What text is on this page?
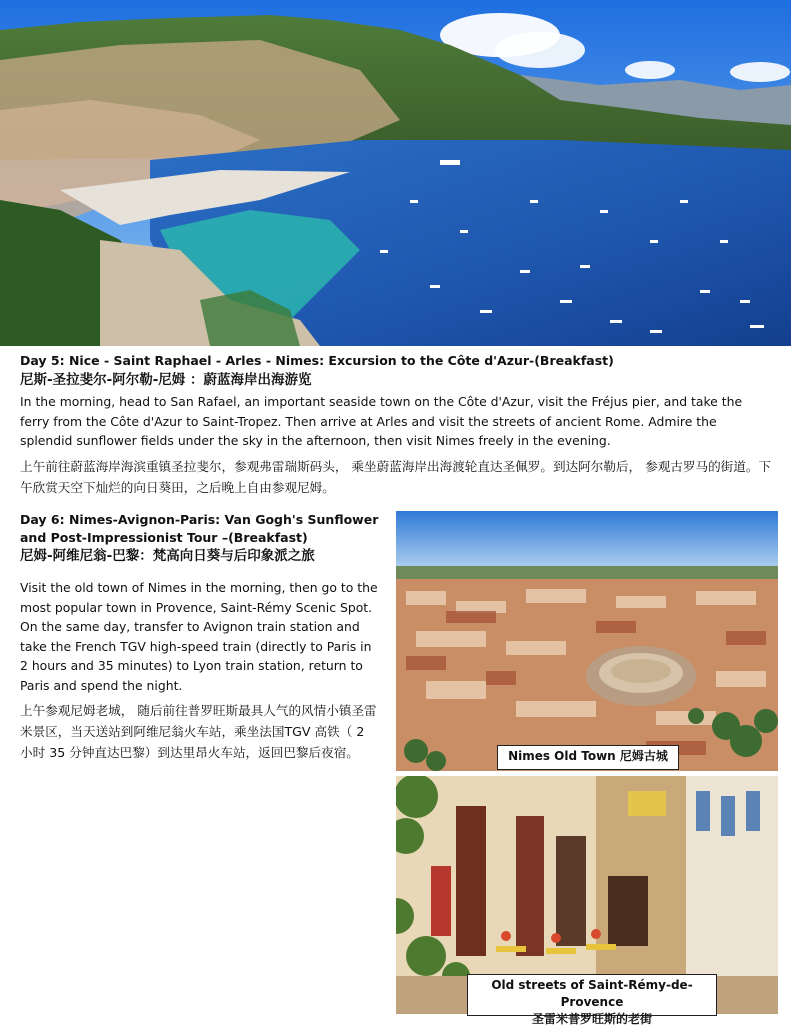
Day 5: Nice - Saint Raphael - Arles - Nimes: Excursion to the Côte d'Azur-(Breakfast)
尼斯-圣拉斐尔-阿尔勒-尼姆 ：蔚蓝海岸出海游览
In the morning, head to San Rafael, an important seaside town on the Côte d'Azur, visit the Fréjus pier, and take the ferry from the Côte d'Azur to Saint-Tropez. Then arrive at Arles and visit the streets of ancient Rome. Admire the splendid sunflower fields under the sky in the afternoon, then visit Nimes freely in the evening.
上午前往蔚蓝海岸海滨重镇圣拉斐尔，参观弗雷瑞斯码头， 乘坐蔚蓝海岸出海渡轮直达圣佩罗。到达阿尔勒后， 参观古罗马的街道。下午欣赏天空下灿烂的向日葵田，之后晚上自由参观尼姆。
Day 6: Nimes-Avignon-Paris: Van Gogh's Sunflower and Post-Impressionist Tour –(Breakfast)
尼姆-阿维尼翁-巴黎：梵高向日葵与后印象派之旅
Visit the old town of Nimes in the morning, then go to the most popular town in Provence, Saint-Rémy Scenic Spot. On the same day, transfer to Avignon train station and take the French TGV high-speed train (directly to Paris in 2 hours and 35 minutes) to Lyon train station, return to Paris and spend the night.
上午参观尼姆老城， 随后前往普罗旺斯最具人气的风情小镇圣雷米景区，当天送站到阿维尼翁火车站，乘坐法国TGV 高铁（ 2 小时 35 分钟直达巴黎）到达里昂火车站，返回巴黎后夜宿。	Nimes Old Town 尼姆古城
Old streets of Saint-Rémy-de-Provence
圣雷米普罗旺斯的老街
